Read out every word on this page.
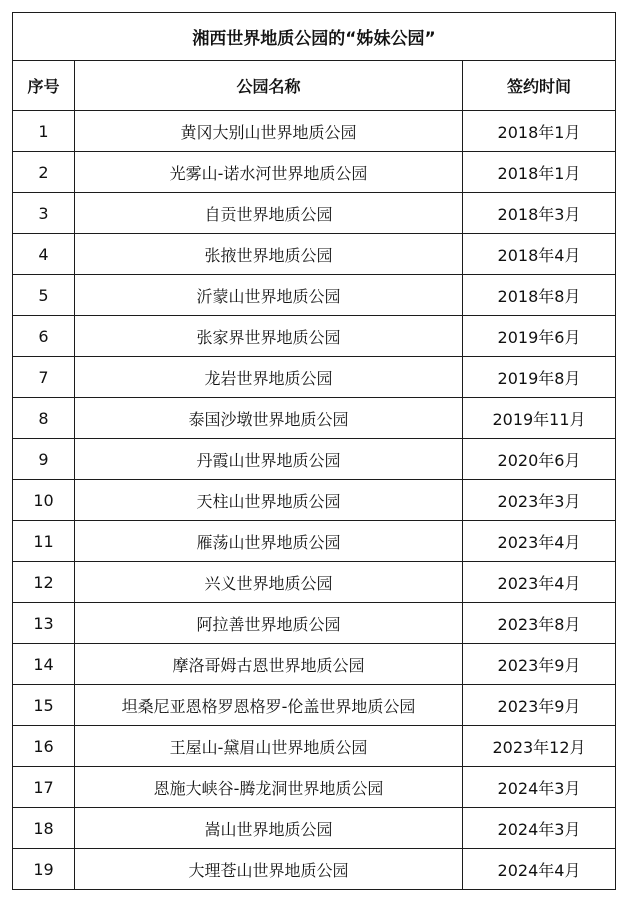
湘西世界地质公园的“姊妹公园”		
序号	公园名称	签约时间
1	黄冈大别山世界地质公园	2018年1月
2	光雾山-诺水河世界地质公园	2018年1月
3	自贡世界地质公园	2018年3月
4	张掖世界地质公园	2018年4月
5	沂蒙山世界地质公园	2018年8月
6	张家界世界地质公园	2019年6月
7	龙岩世界地质公园	2019年8月
8	泰国沙墩世界地质公园	2019年11月
9	丹霞山世界地质公园	2020年6月
10	天柱山世界地质公园	2023年3月
11	雁荡山世界地质公园	2023年4月
12	兴义世界地质公园	2023年4月
13	阿拉善世界地质公园	2023年8月
14	摩洛哥姆古恩世界地质公园	2023年9月
15	坦桑尼亚恩格罗恩格罗-伦盖世界地质公园	2023年9月
16	王屋山-黛眉山世界地质公园	2023年12月
17	恩施大峡谷-腾龙洞世界地质公园	2024年3月
18	嵩山世界地质公园	2024年3月
19	大理苍山世界地质公园	2024年4月
